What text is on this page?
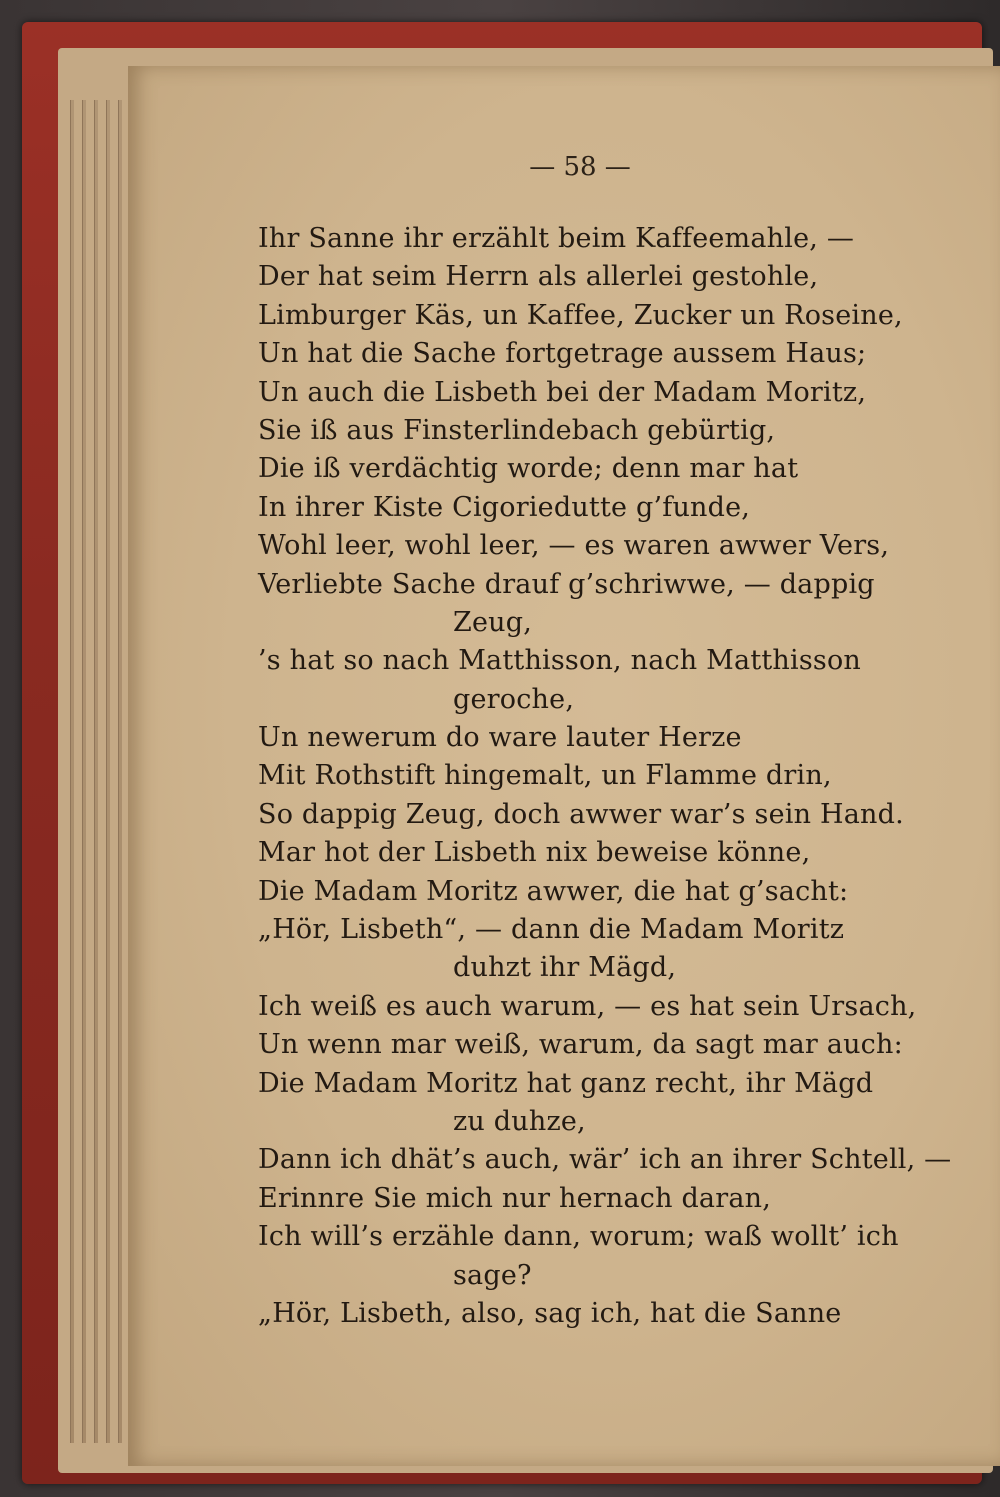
— 58 —
Ihr Sanne ihr erzählt beim Kaffeemahle, —
Der hat seim Herrn als allerlei gestohle,
Limburger Käs, un Kaffee, Zucker un Roseine,
Un hat die Sache fortgetrage aussem Haus;
Un auch die Lisbeth bei der Madam Moritz,
Sie iß aus Finsterlindebach gebürtig,
Die iß verdächtig worde; denn mar hat
In ihrer Kiste Cigoriedutte g’funde,
Wohl leer, wohl leer, — es waren awwer Vers,
Verliebte Sache drauf g’schriwwe, — dappig
Zeug,
’s hat so nach Matthisson, nach Matthisson
geroche,
Un newerum do ware lauter Herze
Mit Rothstift hingemalt, un Flamme drin,
So dappig Zeug, doch awwer war’s sein Hand.
Mar hot der Lisbeth nix beweise könne,
Die Madam Moritz awwer, die hat g’sacht:
„Hör, Lisbeth“, — dann die Madam Moritz
duhzt ihr Mägd,
Ich weiß es auch warum, — es hat sein Ursach,
Un wenn mar weiß, warum, da sagt mar auch:
Die Madam Moritz hat ganz recht, ihr Mägd
zu duhze,
Dann ich dhät’s auch, wär’ ich an ihrer Schtell, —
Erinnre Sie mich nur hernach daran,
Ich will’s erzähle dann, worum; waß wollt’ ich
sage?
„Hör, Lisbeth, also, sag ich, hat die Sanne
